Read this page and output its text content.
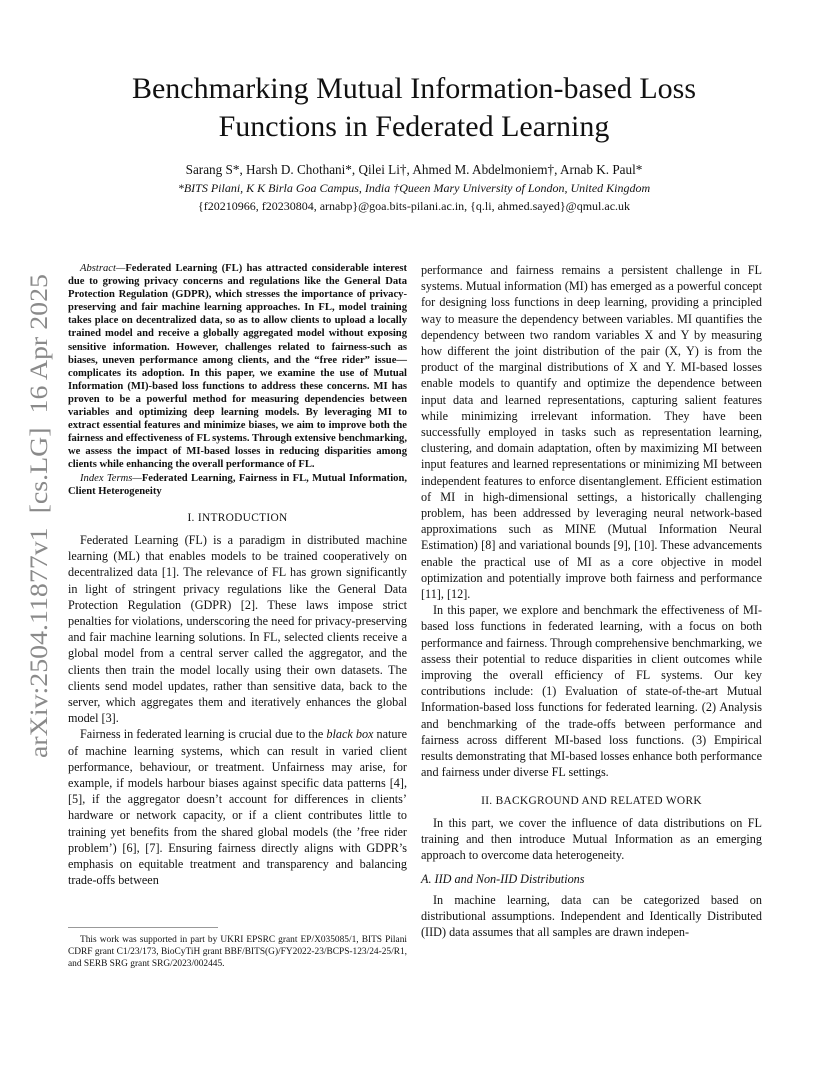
Benchmarking Mutual Information-based Loss
Functions in Federated Learning
Sarang S*, Harsh D. Chothani*, Qilei Li†, Ahmed M. Abdelmoniem†, Arnab K. Paul*
*BITS Pilani, K K Birla Goa Campus, India †Queen Mary University of London, United Kingdom
{f20210966, f20230804, arnabp}@goa.bits-pilani.ac.in, {q.li, ahmed.sayed}@qmul.ac.uk
arXiv:2504.11877v1  [cs.LG]  16 Apr 2025

Abstract—Federated Learning (FL) has attracted considerable interest due to growing privacy concerns and regulations like the General Data Protection Regulation (GDPR), which stresses the importance of privacy-preserving and fair machine learning approaches. In FL, model training takes place on decentralized data, so as to allow clients to upload a locally trained model and receive a globally aggregated model without exposing sensitive information. However, challenges related to fairness-such as biases, uneven performance among clients, and the “free rider” issue—complicates its adoption. In this paper, we examine the use of Mutual Information (MI)-based loss functions to address these concerns. MI has proven to be a powerful method for measuring dependencies between variables and optimizing deep learning models. By leveraging MI to extract essential features and minimize biases, we aim to improve both the fairness and effectiveness of FL systems. Through extensive benchmarking, we assess the impact of MI-based losses in reducing disparities among clients while enhancing the overall performance of FL.

Index Terms—Federated Learning, Fairness in FL, Mutual Information, Client Heterogeneity

I. INTRODUCTION

Federated Learning (FL) is a paradigm in distributed machine learning (ML) that enables models to be trained cooperatively on decentralized data [1]. The relevance of FL has grown significantly in light of stringent privacy regulations like the General Data Protection Regulation (GDPR) [2]. These laws impose strict penalties for violations, underscoring the need for privacy-preserving and fair machine learning solutions. In FL, selected clients receive a global model from a central server called the aggregator, and the clients then train the model locally using their own datasets. The clients send model updates, rather than sensitive data, back to the server, which aggregates them and iteratively enhances the global model [3].

Fairness in federated learning is crucial due to the black box nature of machine learning systems, which can result in varied client performance, behaviour, or treatment. Unfairness may arise, for example, if models harbour biases against specific data patterns [4], [5], if the aggregator doesn’t account for differences in clients’ hardware or network capacity, or if a client contributes little to training yet benefits from the shared global models (the ’free rider problem’) [6], [7]. Ensuring fairness directly aligns with GDPR’s emphasis on equitable treatment and transparency and balancing trade-offs between

This work was supported in part by UKRI EPSRC grant EP/X035085/1, BITS Pilani CDRF grant C1/23/173, BioCyTiH grant BBF/BITS(G)/FY2022-23/BCPS-123/24-25/R1, and SERB SRG grant SRG/2023/002445.

performance and fairness remains a persistent challenge in FL systems. Mutual information (MI) has emerged as a powerful concept for designing loss functions in deep learning, providing a principled way to measure the dependency between variables. MI quantifies the dependency between two random variables X and Y by measuring how different the joint distribution of the pair (X, Y) is from the product of the marginal distributions of X and Y. MI-based losses enable models to quantify and optimize the dependence between input data and learned representations, capturing salient features while minimizing irrelevant information. They have been successfully employed in tasks such as representation learning, clustering, and domain adaptation, often by maximizing MI between input features and learned representations or minimizing MI between independent features to enforce disentanglement. Efficient estimation of MI in high-dimensional settings, a historically challenging problem, has been addressed by leveraging neural network-based approximations such as MINE (Mutual Information Neural Estimation) [8] and variational bounds [9], [10]. These advancements enable the practical use of MI as a core objective in model optimization and potentially improve both fairness and performance [11], [12].

In this paper, we explore and benchmark the effectiveness of MI-based loss functions in federated learning, with a focus on both performance and fairness. Through comprehensive benchmarking, we assess their potential to reduce disparities in client outcomes while improving the overall efficiency of FL systems. Our key contributions include: (1) Evaluation of state-of-the-art Mutual Information-based loss functions for federated learning. (2) Analysis and benchmarking of the trade-offs between performance and fairness across different MI-based loss functions. (3) Empirical results demonstrating that MI-based losses enhance both performance and fairness under diverse FL settings.

II. BACKGROUND AND RELATED WORK

In this part, we cover the influence of data distributions on FL training and then introduce Mutual Information as an emerging approach to overcome data heterogeneity.

A. IID and Non-IID Distributions

In machine learning, data can be categorized based on distributional assumptions. Independent and Identically Distributed (IID) data assumes that all samples are drawn indepen-
